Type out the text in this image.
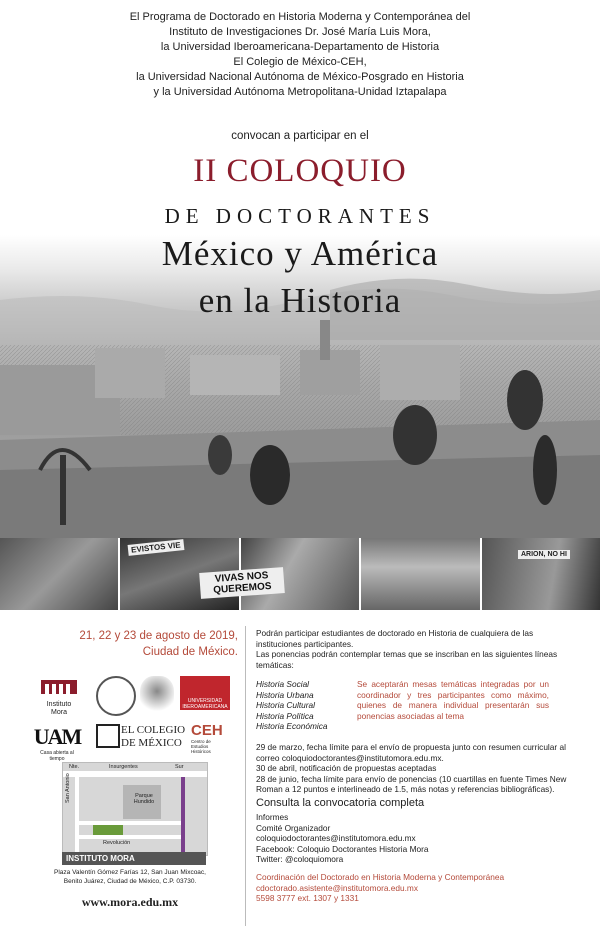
El Programa de Doctorado en Historia Moderna y Contemporánea del
Instituto de Investigaciones Dr. José María Luis Mora,
la Universidad Iberoamericana-Departamento de Historia
El Colegio de México-CEH,
la Universidad Nacional Autónoma de México-Posgrado en Historia
y la Universidad Autónoma Metropolitana-Unidad Iztapalapa
convocan a participar en el
II COLOQUIO
DE DOCTORANTES
México y América
en la Historia
VIVAS NOS QUEREMOS
EVISTOS VIE	ARION, NO HI
21, 22 y 23 de agosto de 2019,
Ciudad de México.
Podrán participar estudiantes de doctorado en Historia de cualquiera de las instituciones participantes.
Las ponencias podrán contemplar temas que se inscriban en las siguientes líneas temáticas:
Historia Social
Historia Urbana
Historia Cultural
Historia Política
Historia Económica
Se aceptarán mesas temáticas integradas por un coordinador y tres participantes como máximo, quienes de manera individual presentarán sus ponencias asociadas al tema
29 de marzo, fecha límite para el envío de propuesta junto con resumen curricular al correo coloquiodoctorantes@institutomora.edu.mx.
30 de abril, notificación de propuestas aceptadas
28 de junio, fecha límite para envío de ponencias (10 cuartillas en fuente Times New Roman a 12 puntos e interlineado de 1.5, más notas y referencias bibliográficas).
Consulta la convocatoria completa
Informes
Comité Organizador
coloquiodoctorantes@institutomora.edu.mx
Facebook: Coloquio Doctorantes Historia Mora
Twitter: @coloquiomora
Coordinación del Doctorado en Historia Moderna y Contemporánea
cdoctorado.asistente@institutomora.edu.mx
5598 3777 ext. 1307 y 1331
Instituto
Mora
UNIVERSIDAD IBEROAMERICANA
UAM
Casa abierta al tiempo
EL COLEGIO
DE MÉXICO
CEH
Centro de Estudios Históricos
Nte.	Insurgentes	Sur
Parque Hundido
Revolución
San Antonio
INSTITUTO MORA
Plaza Valentín Gómez Farías 12, San Juan Mixcoac,
Benito Juárez, Ciudad de México, C.P. 03730.
www.mora.edu.mx
